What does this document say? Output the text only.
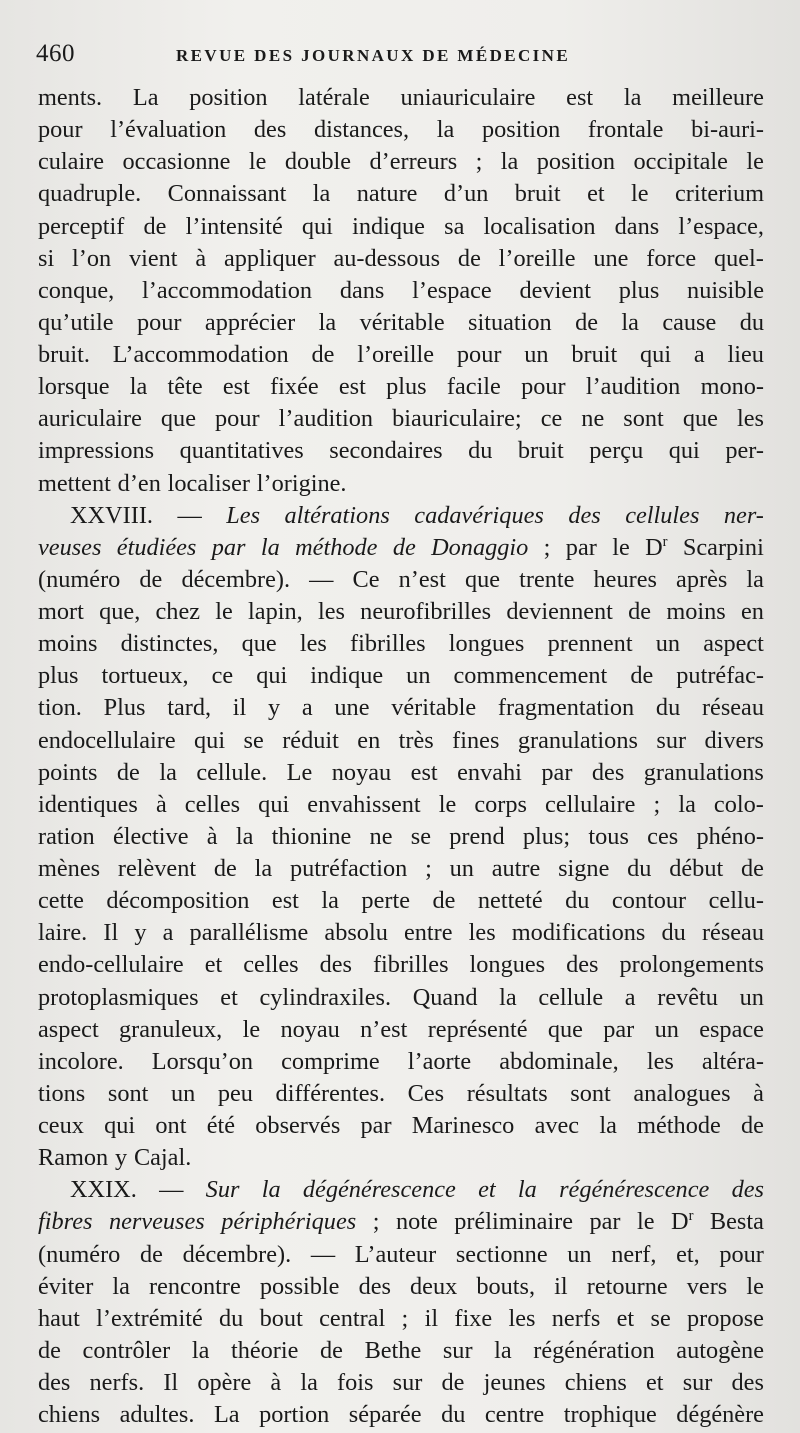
460	REVUE DES JOURNAUX DE MÉDECINE
ments. La position latérale uniauriculaire est la meilleure
pour l’évaluation des distances, la position frontale bi-auri-
culaire occasionne le double d’erreurs ; la position occipitale le
quadruple. Connaissant la nature d’un bruit et le criterium
perceptif de l’intensité qui indique sa localisation dans l’espace,
si l’on vient à appliquer au-dessous de l’oreille une force quel-
conque, l’accommodation dans l’espace devient plus nuisible
qu’utile pour apprécier la véritable situation de la cause du
bruit. L’accommodation de l’oreille pour un bruit qui a lieu
lorsque la tête est fixée est plus facile pour l’audition mono-
auriculaire que pour l’audition biauriculaire; ce ne sont que les
impressions quantitatives secondaires du bruit perçu qui per-
mettent d’en localiser l’origine.
XXVIII. — Les altérations cadavériques des cellules ner-
veuses étudiées par la méthode de Donaggio ; par le $D^r$ Scarpini
(numéro de décembre). — Ce n’est que trente heures après la
mort que, chez le lapin, les neurofibrilles deviennent de moins en
moins distinctes, que les fibrilles longues prennent un aspect
plus tortueux, ce qui indique un commencement de putréfac-
tion. Plus tard, il y a une véritable fragmentation du réseau
endocellulaire qui se réduit en très fines granulations sur divers
points de la cellule. Le noyau est envahi par des granulations
identiques à celles qui envahissent le corps cellulaire ; la colo-
ration élective à la thionine ne se prend plus; tous ces phéno-
mènes relèvent de la putréfaction ; un autre signe du début de
cette décomposition est la perte de netteté du contour cellu-
laire. Il y a parallélisme absolu entre les modifications du réseau
endo-cellulaire et celles des fibrilles longues des prolongements
protoplasmiques et cylindraxiles. Quand la cellule a revêtu un
aspect granuleux, le noyau n’est représenté que par un espace
incolore. Lorsqu’on comprime l’aorte abdominale, les altéra-
tions sont un peu différentes. Ces résultats sont analogues à
ceux qui ont été observés par Marinesco avec la méthode de
Ramon y Cajal.
XXIX. — Sur la dégénérescence et la régénérescence des
fibres nerveuses périphériques ; note préliminaire par le $D^r$ Besta
(numéro de décembre). — L’auteur sectionne un nerf, et, pour
éviter la rencontre possible des deux bouts, il retourne vers le
haut l’extrémité du bout central ; il fixe les nerfs et se propose
de contrôler la théorie de Bethe sur la régénération autogène
des nerfs. Il opère à la fois sur de jeunes chiens et sur des
chiens adultes. La portion séparée du centre trophique dégénère
